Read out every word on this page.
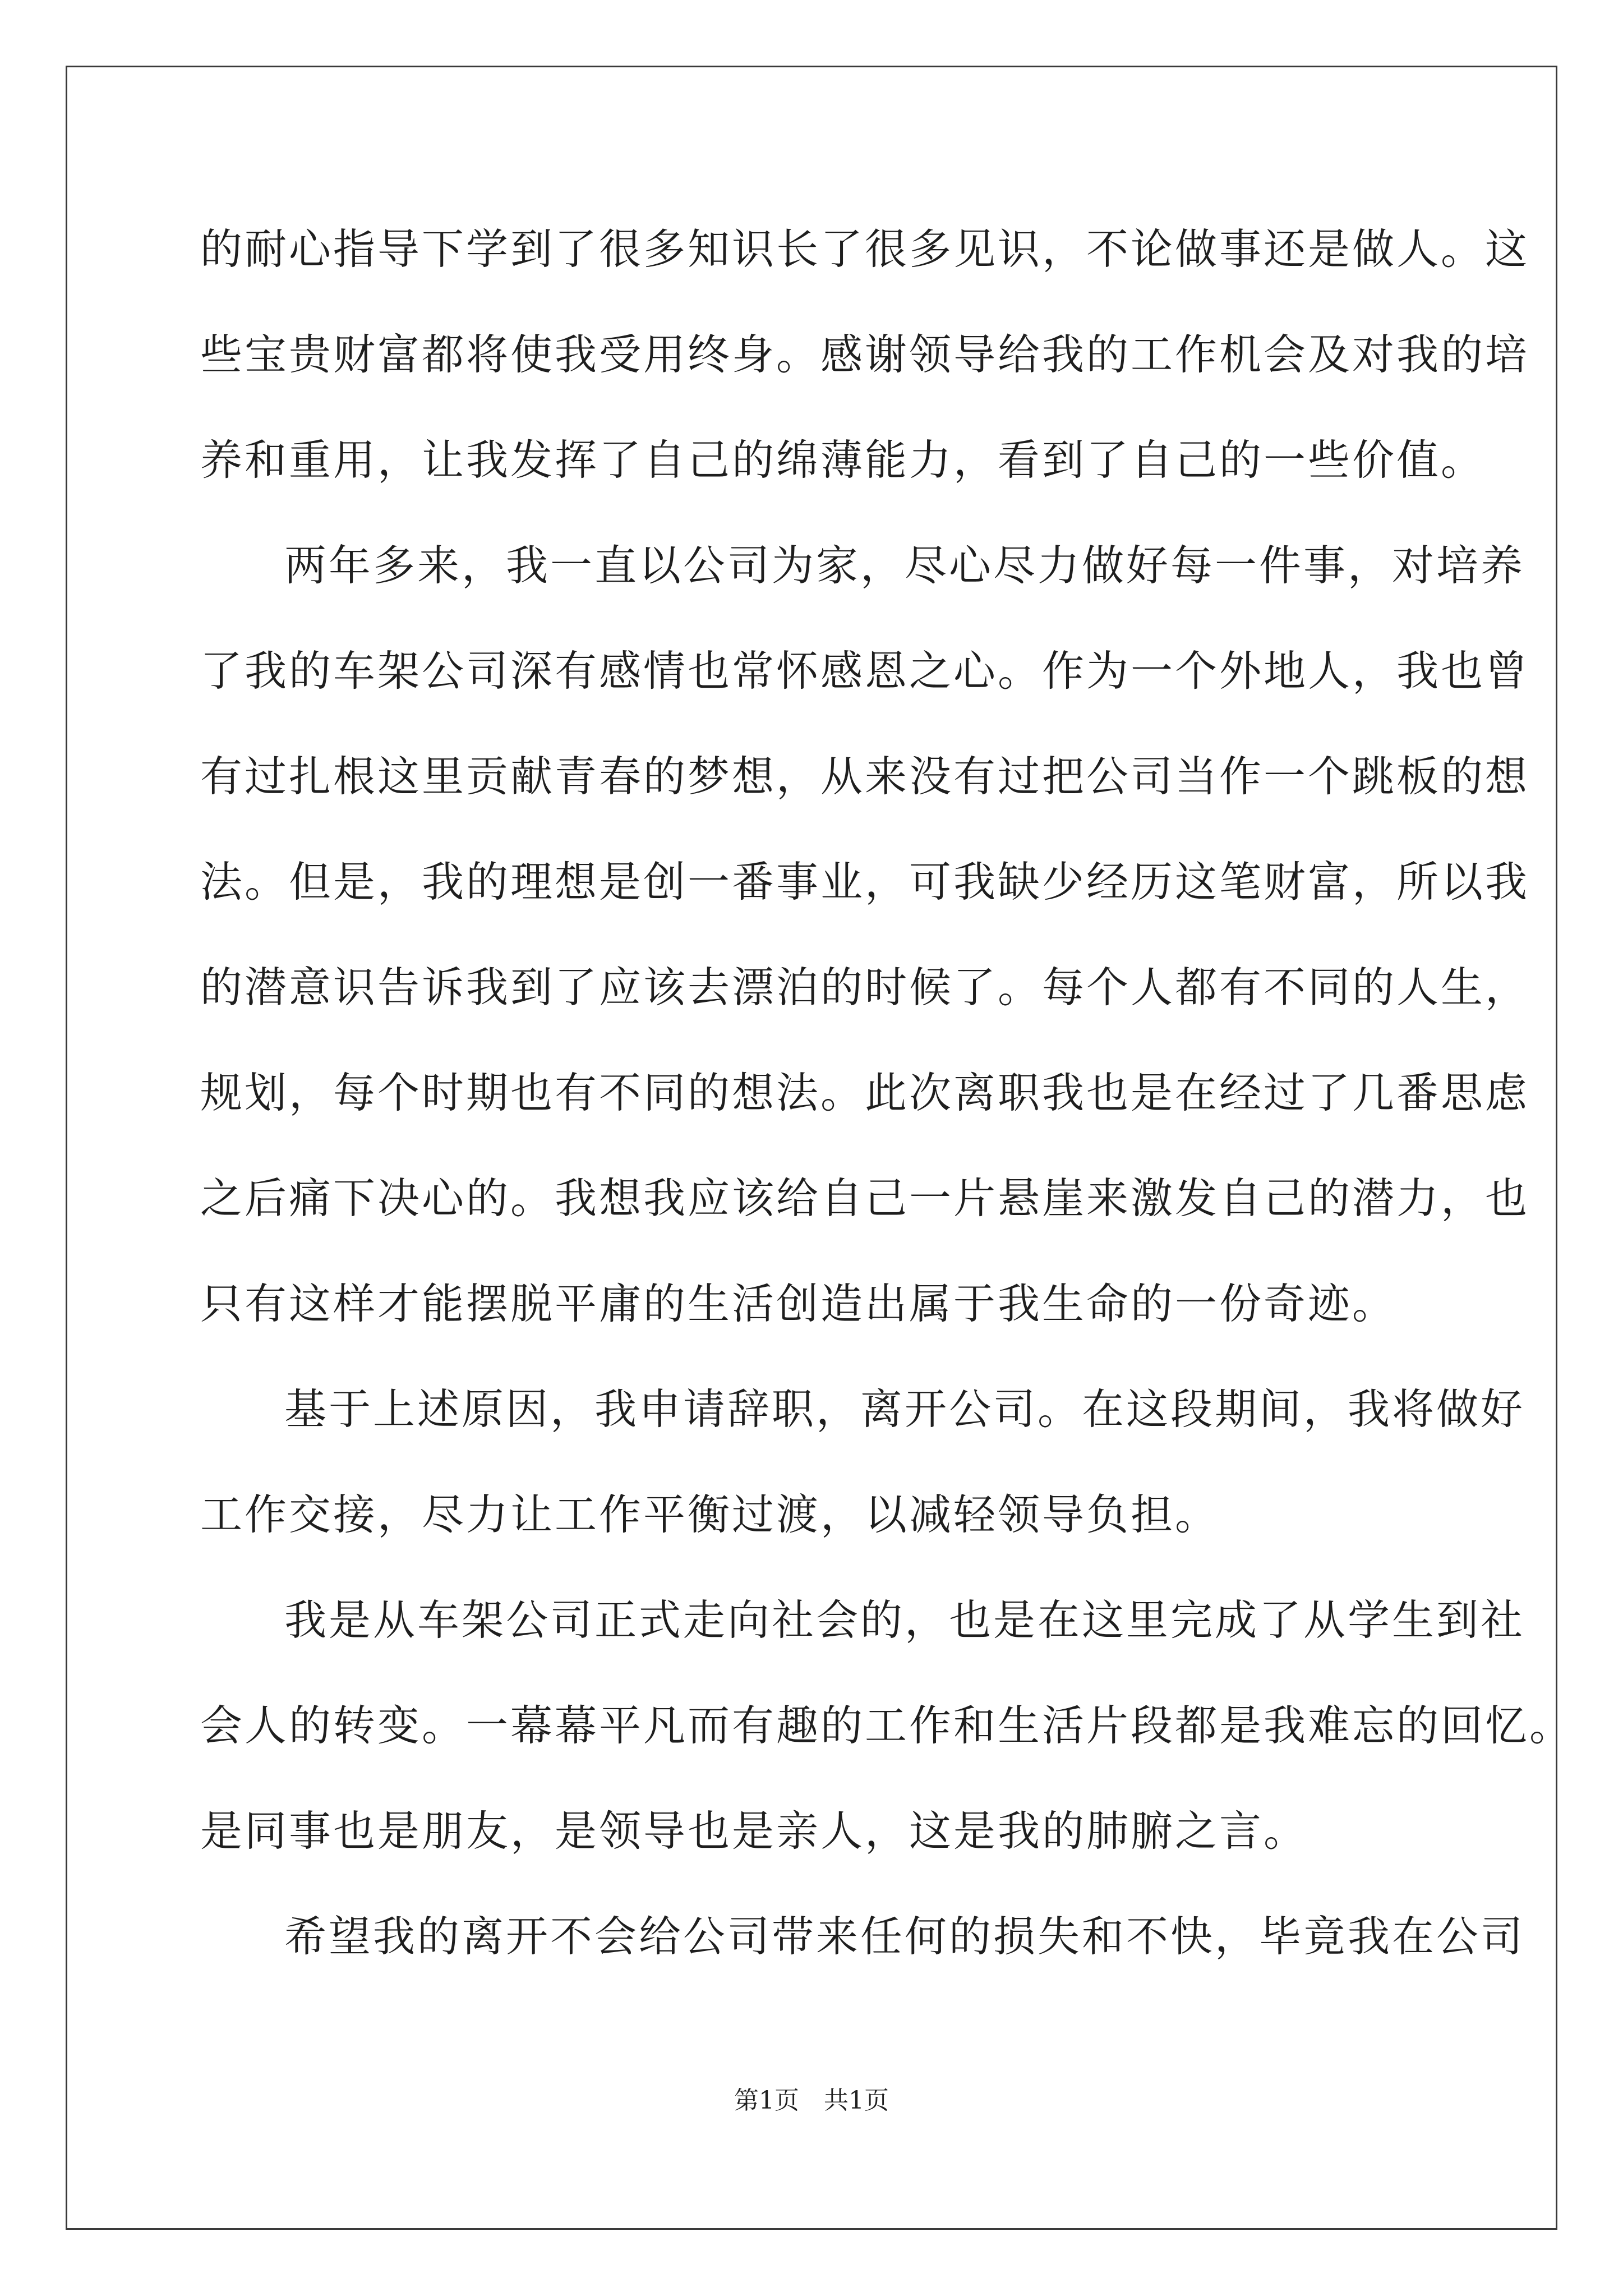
的耐心指导下学到了很多知识长了很多见识，不论做事还是做人。这
些宝贵财富都将使我受用终身。感谢领导给我的工作机会及对我的培
养和重用，让我发挥了自己的绵薄能力，看到了自己的一些价值。
两年多来，我一直以公司为家，尽心尽力做好每一件事，对培养
了我的车架公司深有感情也常怀感恩之心。作为一个外地人，我也曾
有过扎根这里贡献青春的梦想，从来没有过把公司当作一个跳板的想
法。但是，我的理想是创一番事业，可我缺少经历这笔财富，所以我
的潜意识告诉我到了应该去漂泊的时候了。每个人都有不同的人生，
规划，每个时期也有不同的想法。此次离职我也是在经过了几番思虑
之后痛下决心的。我想我应该给自己一片悬崖来激发自己的潜力，也
只有这样才能摆脱平庸的生活创造出属于我生命的一份奇迹。
基于上述原因，我申请辞职，离开公司。在这段期间，我将做好
工作交接，尽力让工作平衡过渡，以减轻领导负担。
我是从车架公司正式走向社会的，也是在这里完成了从学生到社
会人的转变。一幕幕平凡而有趣的工作和生活片段都是我难忘的回忆。
是同事也是朋友，是领导也是亲人，这是我的肺腑之言。
希望我的离开不会给公司带来任何的损失和不快，毕竟我在公司
第1页　共1页
